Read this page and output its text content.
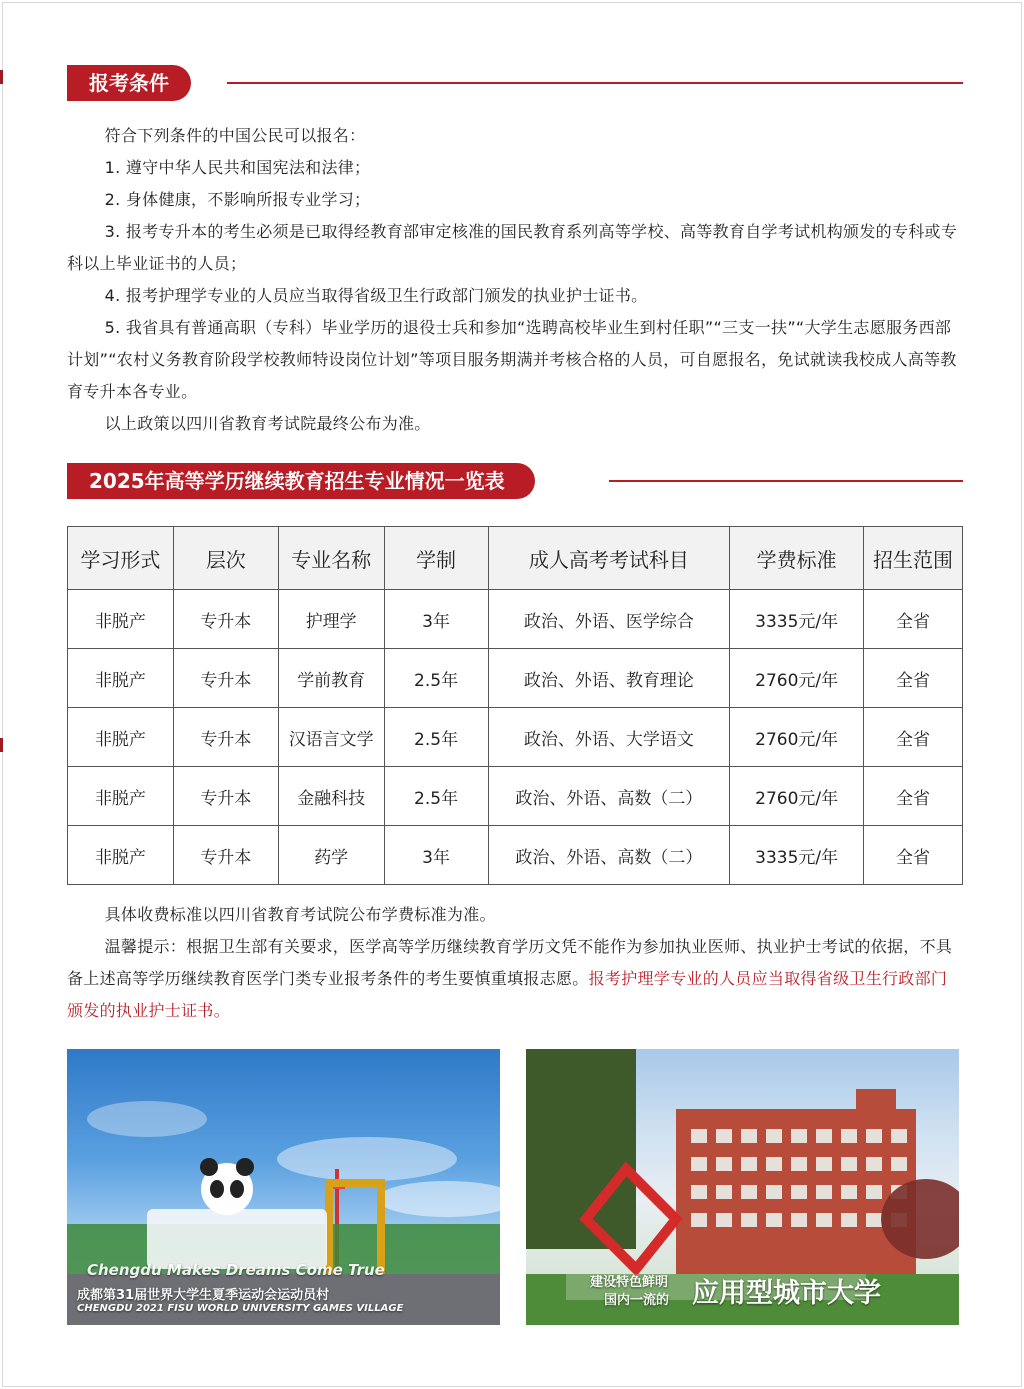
报考条件

符合下列条件的中国公民可以报名：

1. 遵守中华人民共和国宪法和法律；

2. 身体健康，不影响所报专业学习；

3. 报考专升本的考生必须是已取得经教育部审定核准的国民教育系列高等学校、高等教育自学考试机构颁发的专科或专科以上毕业证书的人员；

4. 报考护理学专业的人员应当取得省级卫生行政部门颁发的执业护士证书。

5. 我省具有普通高职（专科）毕业学历的退役士兵和参加“选聘高校毕业生到村任职”“三支一扶”“大学生志愿服务西部计划”“农村义务教育阶段学校教师特设岗位计划”等项目服务期满并考核合格的人员，可自愿报名，免试就读我校成人高等教育专升本各专业。

以上政策以四川省教育考试院最终公布为准。

2025年高等学历继续教育招生专业情况一览表
学习形式	层次	专业名称	学制	成人高考考试科目	学费标准	招生范围
非脱产	专升本	护理学	3年	政治、外语、医学综合	3335元/年	全省
非脱产	专升本	学前教育	2.5年	政治、外语、教育理论	2760元/年	全省
非脱产	专升本	汉语言文学	2.5年	政治、外语、大学语文	2760元/年	全省
非脱产	专升本	金融科技	2.5年	政治、外语、高数（二）	2760元/年	全省
非脱产	专升本	药学	3年	政治、外语、高数（二）	3335元/年	全省

具体收费标准以四川省教育考试院公布学费标准为准。

温馨提示：根据卫生部有关要求，医学高等学历继续教育学历文凭不能作为参加执业医师、执业护士考试的依据，不具备上述高等学历继续教育医学门类专业报考条件的考生要慎重填报志愿。报考护理学专业的人员应当取得省级卫生行政部门颁发的执业护士证书。

Chengdu Makes Dreams Come True
成都第31届世界大学生夏季运动会运动员村
CHENGDU 2021 FISU WORLD UNIVERSITY GAMES VILLAGE
建设特色鲜明
国内一流的 应用型城市大学
